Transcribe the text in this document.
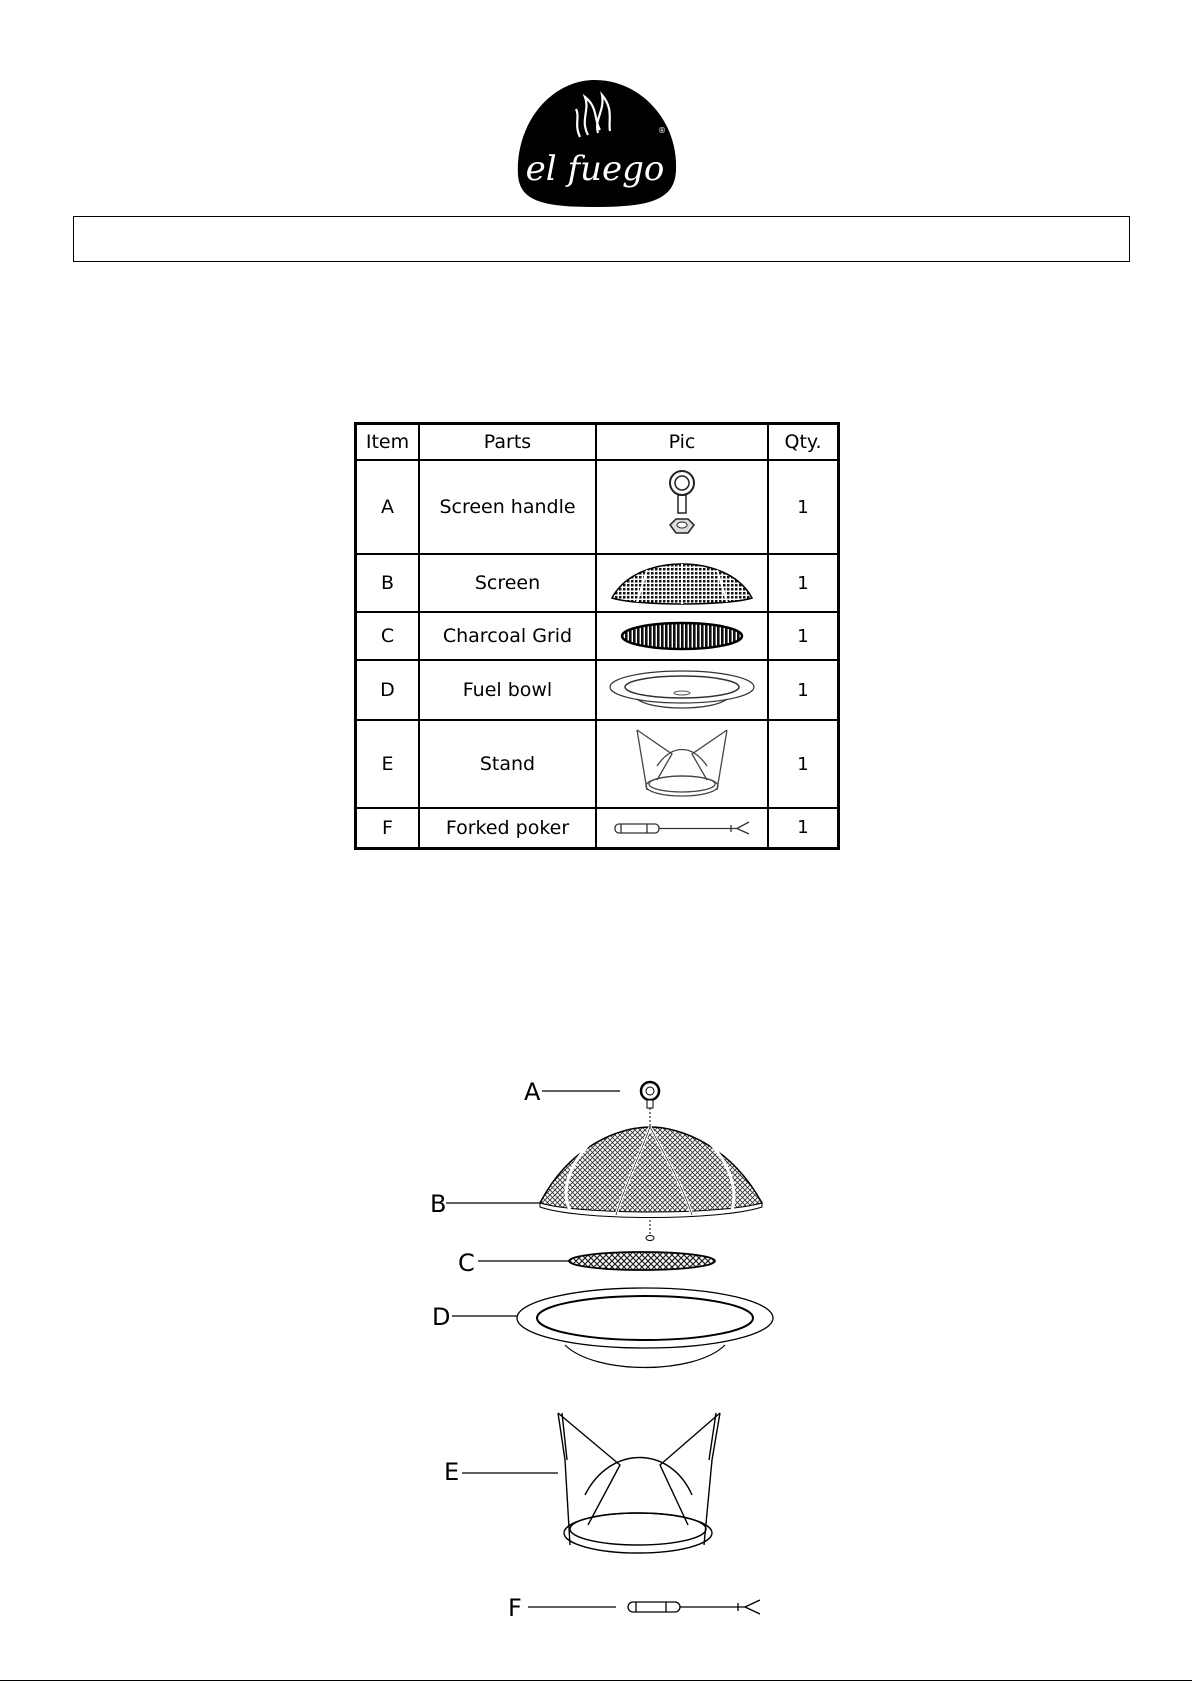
el fuego
®
Item	Parts	Pic	Qty.
A	Screen handle		1
B	Screen		1
C	Charcoal Grid		1
D	Fuel bowl		1
E	Stand		1
F	Forked poker		1
A
B
C
D
E
F
